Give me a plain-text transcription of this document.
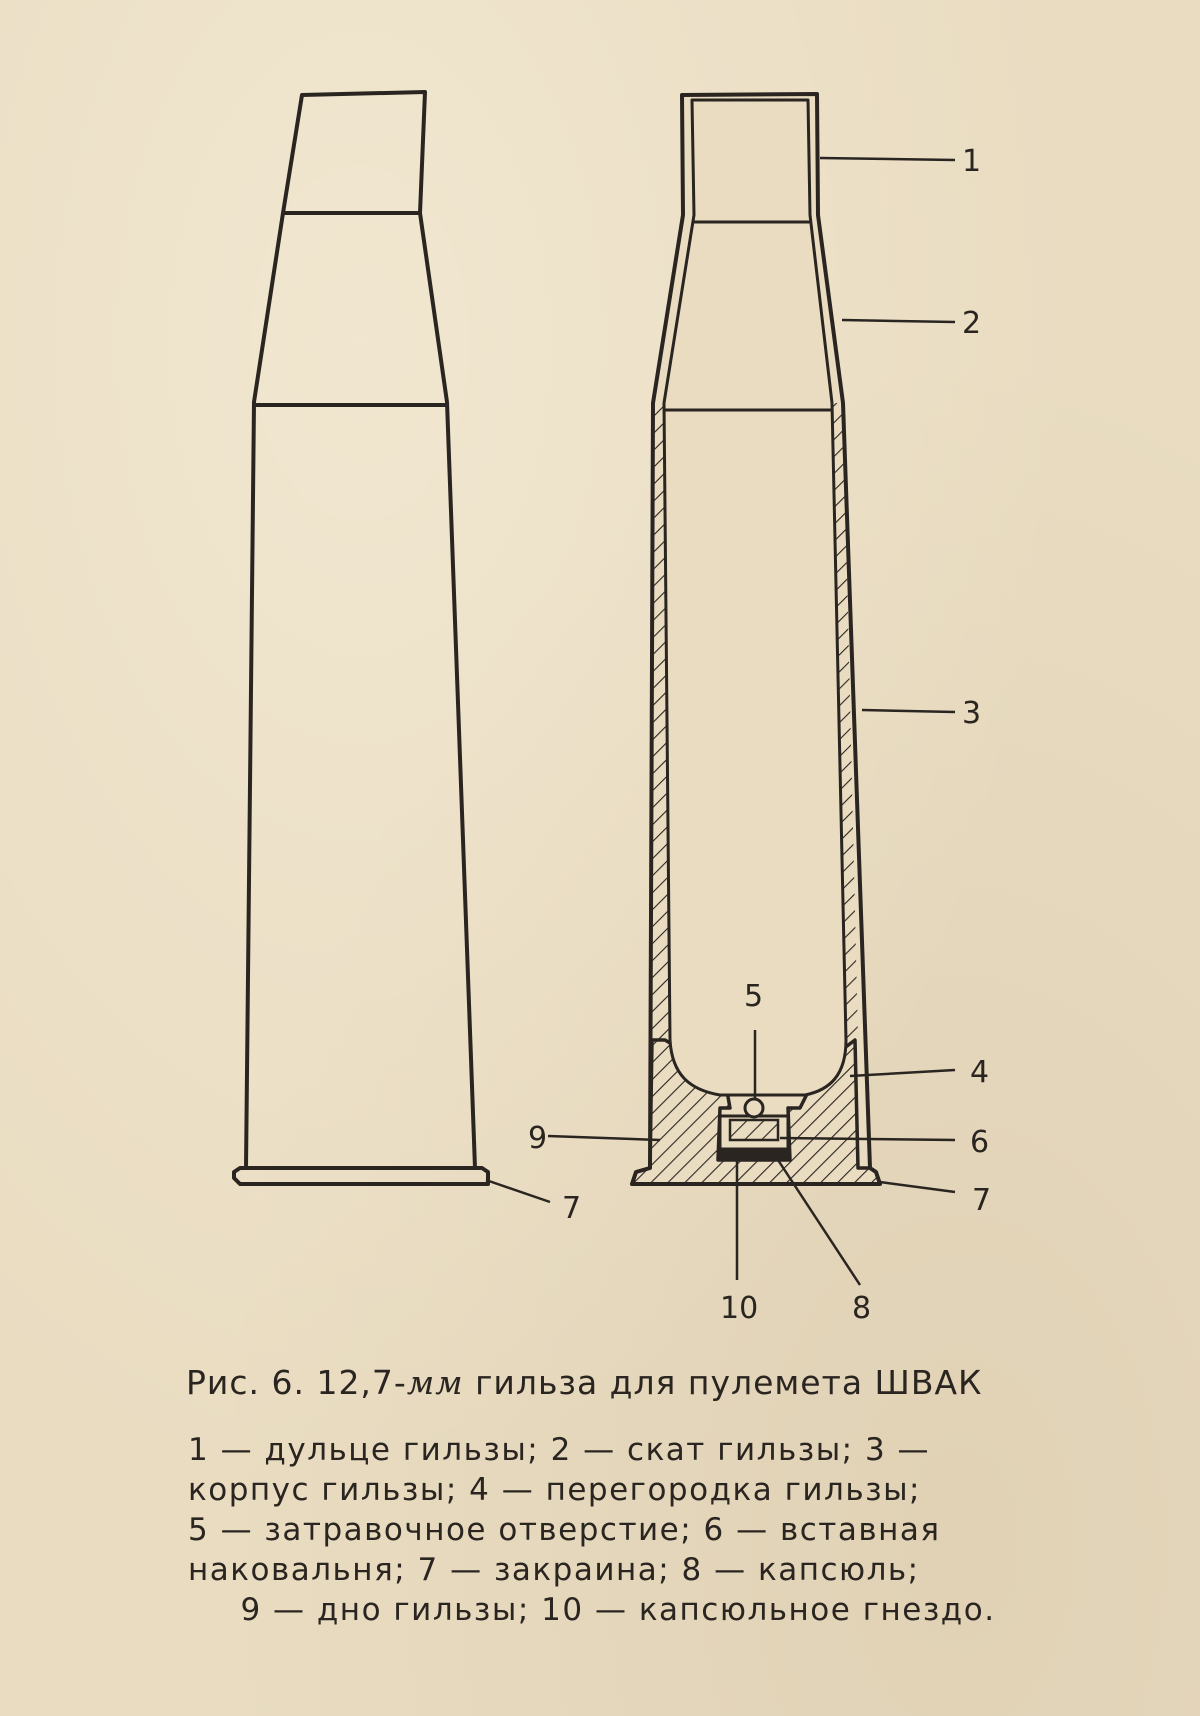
1
2
3
4
5
6
7
7
8
9
10
Рис. 6. 12,7-мм гильза для пулемета ШВАК
1 — дульце гильзы; 2 — скат гильзы; 3 —
корпус гильзы; 4 — перегородка гильзы;
5 — затравочное отверстие; 6 — вставная
наковальня; 7 — закраина; 8 — капсюль;
9 — дно гильзы; 10 — капсюльное гнездо.
